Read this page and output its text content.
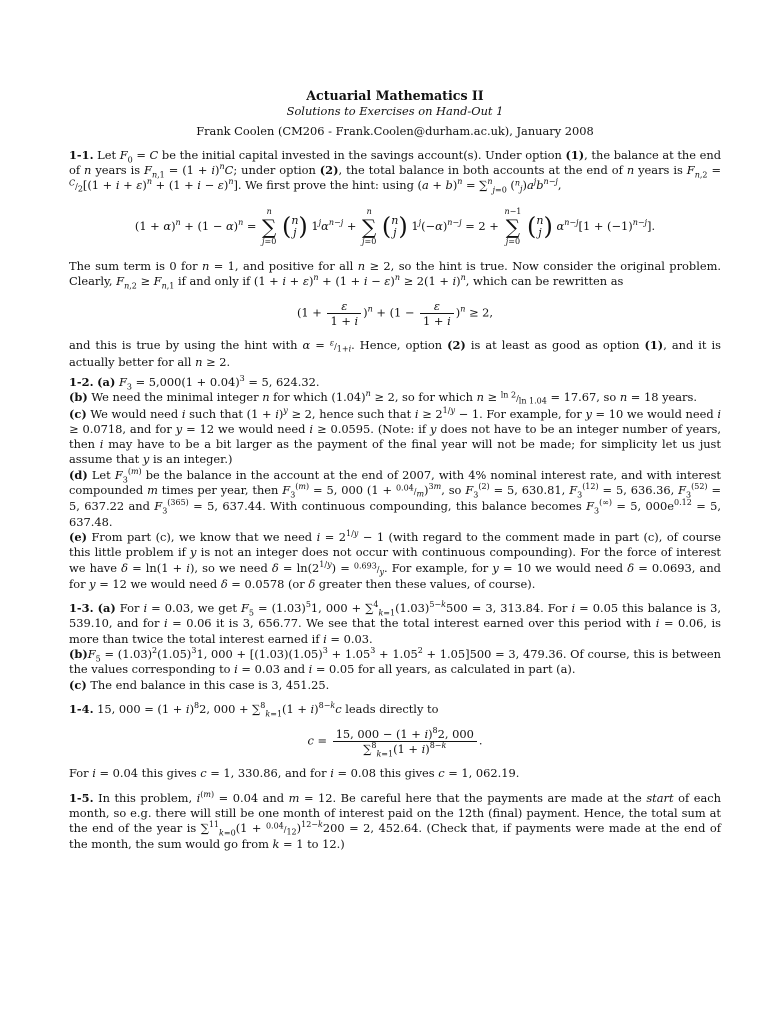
Actuarial Mathematics II
Solutions to Exercises on Hand-Out 1
Frank Coolen (CM206 - Frank.Coolen@durham.ac.uk), January 2008

1-1. Let $F_0 = C$ be the initial capital invested in the savings account(s). Under option (1), the balance at the end of n years is $F_{n,1} = (1 + i)^nC$; under option (2), the total balance in both accounts at the end of n years is $F_{n,2} = ^C/_2[(1 + i + \varepsilon)^n + (1 + i - \varepsilon)^n]$. We first prove the hint: using $(a + b)^n = \sum^n_{j=0}$ $(^n_j)a^jb^{n-j}$,

$(1 + \alpha)^n + (1 - \alpha)^n$ =
n
∑
j=0
( n
j ) $1^j\alpha^{n-j}$ +
n
∑
j=0
( n
j ) $1^j(-\alpha)^{n-j} = 2$ +
n−1
∑
j=0
( n
j ) $\alpha^{n-j}[1 + (-1)^{n-j}]$.

The sum term is 0 for n = 1, and positive for all n ≥ 2, so the hint is true. Now consider the original problem. Clearly, $F_{n,2} \ge F_{n,1}$ if and only if $(1 + i + \varepsilon)^n + (1 + i - \varepsilon)^n \ge 2(1 + i)^n$, which can be rewritten as

$(1 + \frac{\varepsilon}{1 + i} )^n + (1 - \frac{\varepsilon}{1 + i} )^n \ge 2$,

and this is true by using the hint with $\alpha = ^\varepsilon/_{1+i}$. Hence, option (2) is at least as good as option (1), and it is actually better for all n ≥ 2.

1-2. (a) $F_3 = 5,000(1 + 0.04)^3 = 5$, 624.32.

(b) We need the minimal integer n for which $(1.04)^n \ge 2$, so for which $n \ge ^{ln 2}/_{ln 1.04} = 17.67$, so n = 18 years.

(c) We would need i such that $(1 + i)^y \ge 2$, hence such that $i \ge 2^{1/y} - 1$. For example, for y = 10 we would need i ≥ 0.0718, and for y = 12 we would need i ≥ 0.0595. (Note: if y does not have to be an integer number of years, then i may have to be a bit larger as the payment of the final year will not be made; for simplicity let us just assume that y is an integer.)

(d) Let $F_3^{(m)}$ be the balance in the account at the end of 2007, with 4% nominal interest rate, and with interest compounded m times per year, then $F_3^{(m)} = 5$, 000 $(1 + ^{0.04}/_m)^{3m}$, so $F_3^{(2)} = 5$, 630.81, $F_3^{(12)} = 5$, 636.36, $F_3^{(52)} = 5$, 637.22 and $F_3^{(365)} = 5$, 637.44. With continuous compounding, this balance becomes $F_3^{(\infty)} = 5$, $000e^{0.12} = 5$, 637.48.

(e) From part (c), we know that we need $i = 2^{1/y} - 1$ (with regard to the comment made in part (c), of course this little problem if y is not an integer does not occur with continuous compounding). For the force of interest we have δ = ln(1 + i), so we need $\delta = \ln(2^{1/y}) = ^{0.693}/_y$. For example, for y = 10 we would need δ = 0.0693, and for y = 12 we would need δ = 0.0578 (or δ greater then these values, of course).

1-3. (a) For i = 0.03, we get $F_5 = (1.03)^51$, $000 + \sum^4_{k=1}(1.03)^{5-k}500 = 3$, 313.84. For i = 0.05 this balance is 3, 539.10, and for i = 0.06 it is 3, 656.77. We see that the total interest earned over this period with i = 0.06, is more than twice the total interest earned if i = 0.03.

$(b)F_5 = (1.03)^2(1.05)^31$, $000 + [(1.03)(1.05)^3 + 1.05^3 + 1.05^2 + 1.05]500 = 3$, 479.36. Of course, this is between the values corresponding to i = 0.03 and i = 0.05 for all years, as calculated in part (a).

(c) The end balance in this case is 3, 451.25.

1-4. 15, $000 = (1 + i)^82$, $000 + \sum^8_{k=1}(1 + i)^{8-k}c$ leads directly to

$c = \frac{15, 000 - (1 + i)^82, 000}{\sum^8_{k=1}(1 + i)^{8-k}}$ .

For i = 0.04 this gives c = 1, 330.86, and for i = 0.08 this gives c = 1, 062.19.

1-5. In this problem, $i^{(m)} = 0.04$ and m = 12. Be careful here that the payments are made at the start of each month, so e.g. there will still be one month of interest paid on the 12th (final) payment. Hence, the total sum at the end of the year is $\sum^{11}_{k=0}(1 + ^{0.04}/_{12})^{12-k}200 = 2$, 452.64. (Check that, if payments were made at the end of the month, the sum would go from k = 1 to 12.)
